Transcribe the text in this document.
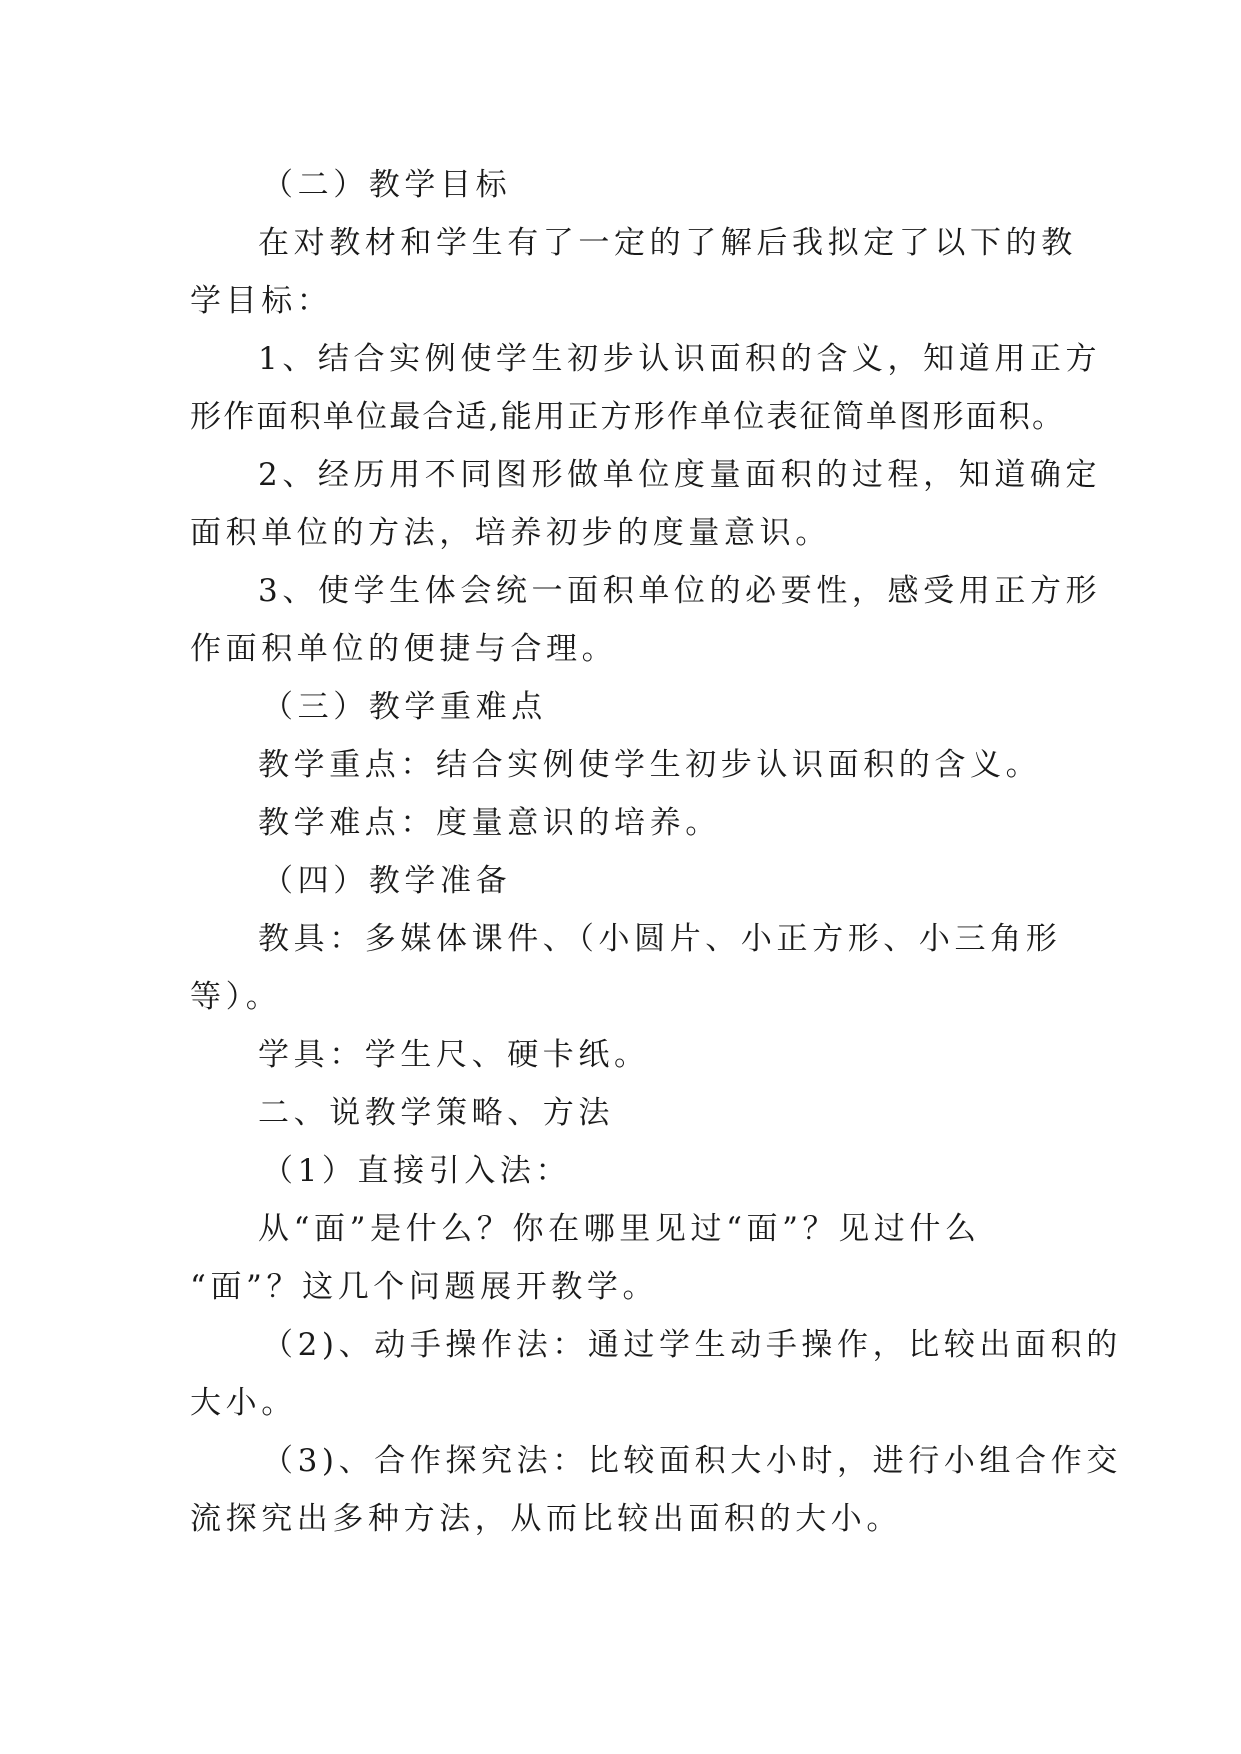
（二）教学目标
在对教材和学生有了一定的了解后我拟定了以下的教
学目标：
1、结合实例使学生初步认识面积的含义，知道用正方
形作面积单位最合适,能用正方形作单位表征简单图形面积。
2、经历用不同图形做单位度量面积的过程，知道确定
面积单位的方法，培养初步的度量意识。
3、使学生体会统一面积单位的必要性，感受用正方形
作面积单位的便捷与合理。
（三）教学重难点
教学重点：结合实例使学生初步认识面积的含义。
教学难点：度量意识的培养。
（四）教学准备
教具：多媒体课件、（小圆片、小正方形、小三角形
等）。
学具：学生尺、硬卡纸。
二、说教学策略、方法
（1）直接引入法：
从“面”是什么？你在哪里见过“面”？见过什么
“面”？这几个问题展开教学。
（2)、动手操作法：通过学生动手操作，比较出面积的
大小。
（3)、合作探究法：比较面积大小时，进行小组合作交
流探究出多种方法，从而比较出面积的大小。
